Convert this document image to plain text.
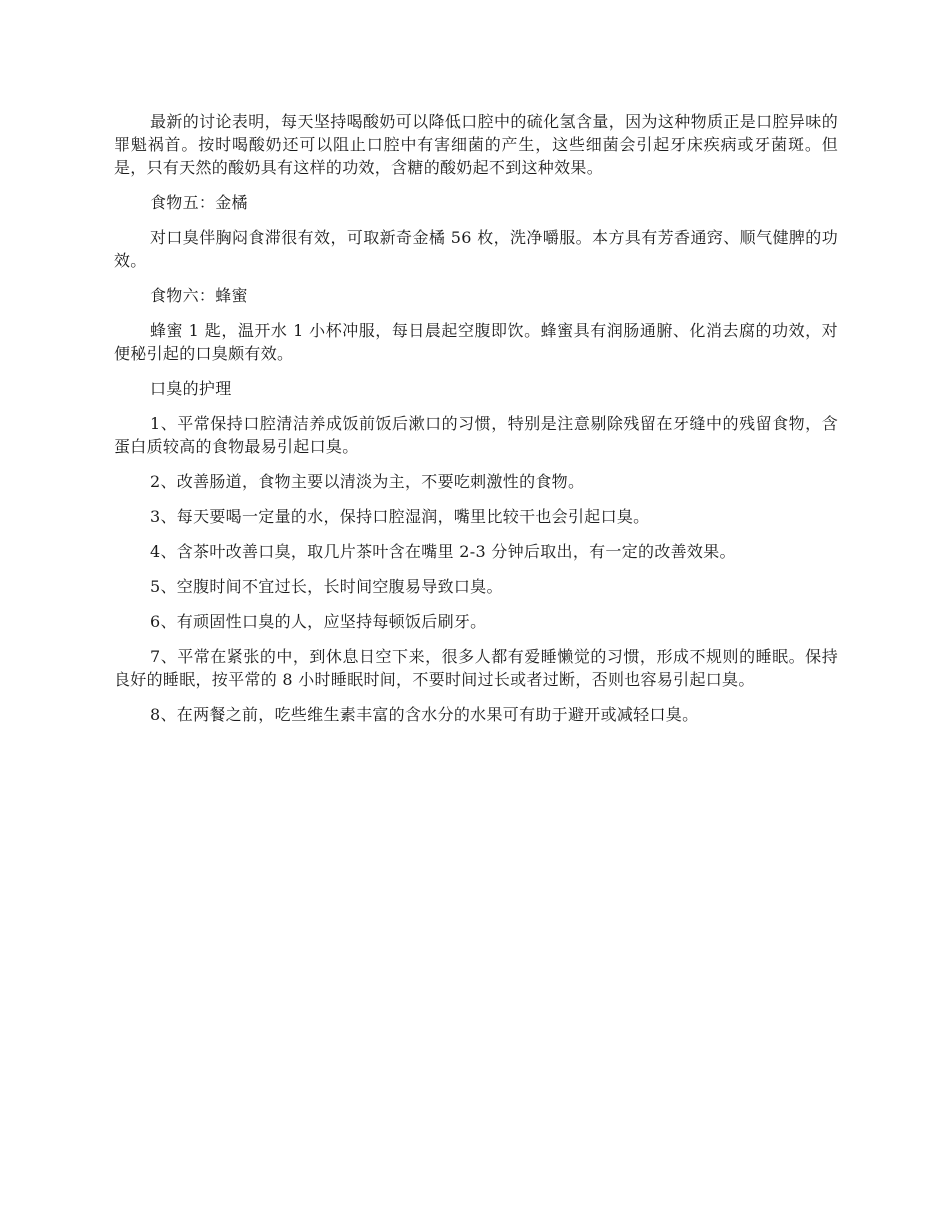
最新的讨论表明，每天坚持喝酸奶可以降低口腔中的硫化氢含量，因为这种物质正是口腔异味的罪魁祸首。按时喝酸奶还可以阻止口腔中有害细菌的产生，这些细菌会引起牙床疾病或牙菌斑。但是，只有天然的酸奶具有这样的功效，含糖的酸奶起不到这种效果。

食物五：金橘

对口臭伴胸闷食滞很有效，可取新奇金橘 56 枚，洗净嚼服。本方具有芳香通窍、顺气健脾的功效。

食物六：蜂蜜

蜂蜜 1 匙，温开水 1 小杯冲服，每日晨起空腹即饮。蜂蜜具有润肠通腑、化消去腐的功效，对便秘引起的口臭颇有效。

口臭的护理

1、平常保持口腔清洁养成饭前饭后漱口的习惯，特别是注意剔除残留在牙缝中的残留食物，含蛋白质较高的食物最易引起口臭。

2、改善肠道，食物主要以清淡为主，不要吃刺激性的食物。

3、每天要喝一定量的水，保持口腔湿润，嘴里比较干也会引起口臭。

4、含茶叶改善口臭，取几片茶叶含在嘴里 2-3 分钟后取出，有一定的改善效果。

5、空腹时间不宜过长，长时间空腹易导致口臭。

6、有顽固性口臭的人，应坚持每顿饭后刷牙。

7、平常在紧张的中，到休息日空下来，很多人都有爱睡懒觉的习惯，形成不规则的睡眠。保持良好的睡眠，按平常的 8 小时睡眠时间，不要时间过长或者过断，否则也容易引起口臭。

8、在两餐之前，吃些维生素丰富的含水分的水果可有助于避开或减轻口臭。
